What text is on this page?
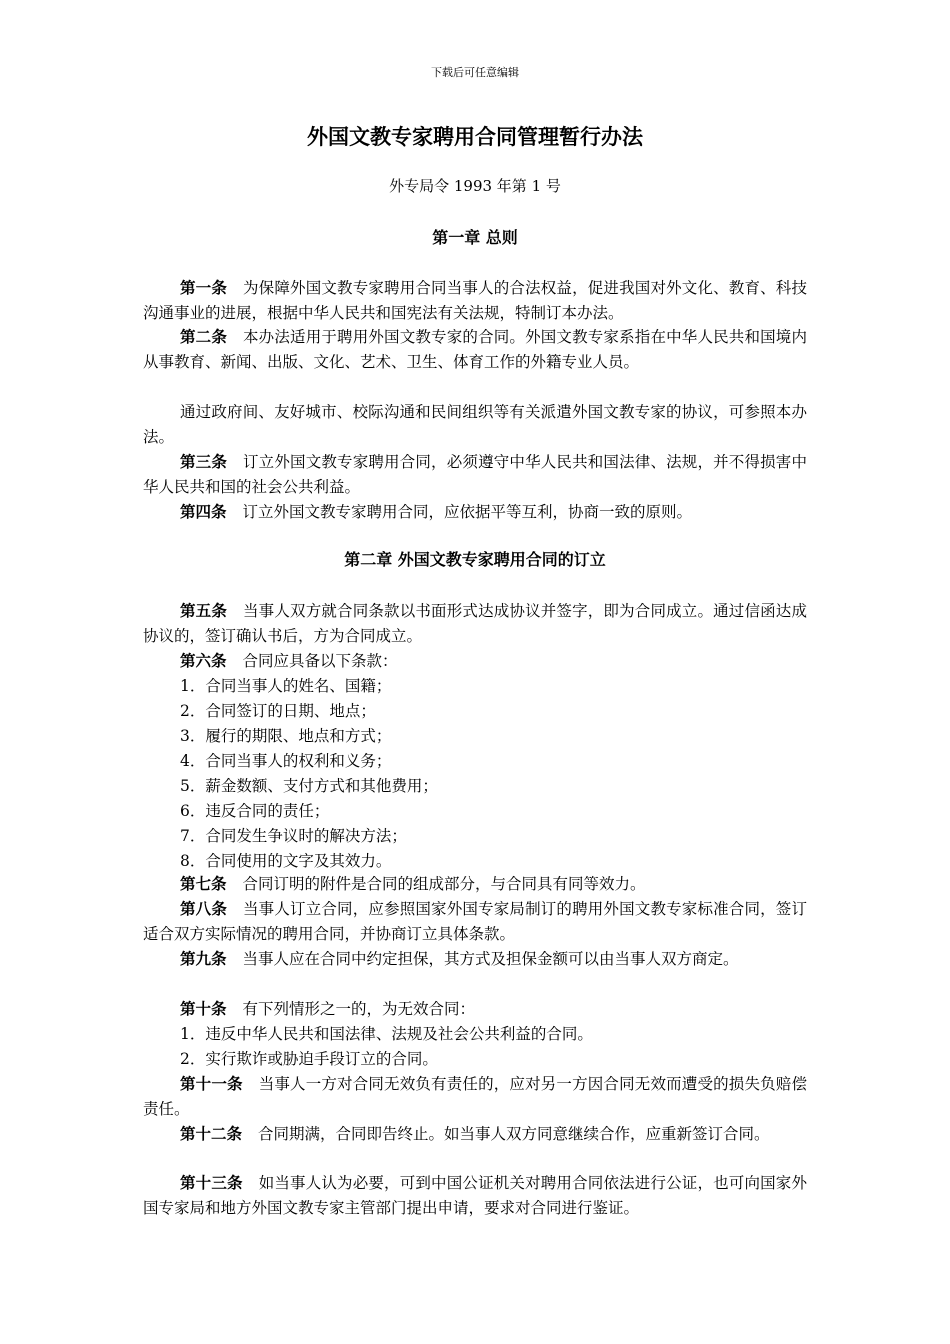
下载后可任意编辑
外国文教专家聘用合同管理暂行办法
外专局令 1993 年第 1 号
第一章 总则
第一条 为保障外国文教专家聘用合同当事人的合法权益，促进我国对外文化、教育、科技沟通事业的进展，根据中华人民共和国宪法有关法规，特制订本办法。
第二条 本办法适用于聘用外国文教专家的合同。外国文教专家系指在中华人民共和国境内从事教育、新闻、出版、文化、艺术、卫生、体育工作的外籍专业人员。
通过政府间、友好城市、校际沟通和民间组织等有关派遣外国文教专家的协议，可参照本办法。
第三条 订立外国文教专家聘用合同，必须遵守中华人民共和国法律、法规，并不得损害中华人民共和国的社会公共利益。
第四条 订立外国文教专家聘用合同，应依据平等互利，协商一致的原则。
第二章 外国文教专家聘用合同的订立
第五条 当事人双方就合同条款以书面形式达成协议并签字，即为合同成立。通过信函达成协议的，签订确认书后，方为合同成立。
第六条 合同应具备以下条款：
1．合同当事人的姓名、国籍；
2．合同签订的日期、地点；
3．履行的期限、地点和方式；
4．合同当事人的权利和义务；
5．薪金数额、支付方式和其他费用；
6．违反合同的责任；
7．合同发生争议时的解决方法；
8．合同使用的文字及其效力。
第七条 合同订明的附件是合同的组成部分，与合同具有同等效力。
第八条 当事人订立合同，应参照国家外国专家局制订的聘用外国文教专家标准合同，签订适合双方实际情况的聘用合同，并协商订立具体条款。
第九条 当事人应在合同中约定担保，其方式及担保金额可以由当事人双方商定。
第十条 有下列情形之一的，为无效合同：
1．违反中华人民共和国法律、法规及社会公共利益的合同。
2．实行欺诈或胁迫手段订立的合同。
第十一条 当事人一方对合同无效负有责任的，应对另一方因合同无效而遭受的损失负赔偿责任。
第十二条 合同期满，合同即告终止。如当事人双方同意继续合作，应重新签订合同。
第十三条 如当事人认为必要，可到中国公证机关对聘用合同依法进行公证，也可向国家外国专家局和地方外国文教专家主管部门提出申请，要求对合同进行鉴证。
